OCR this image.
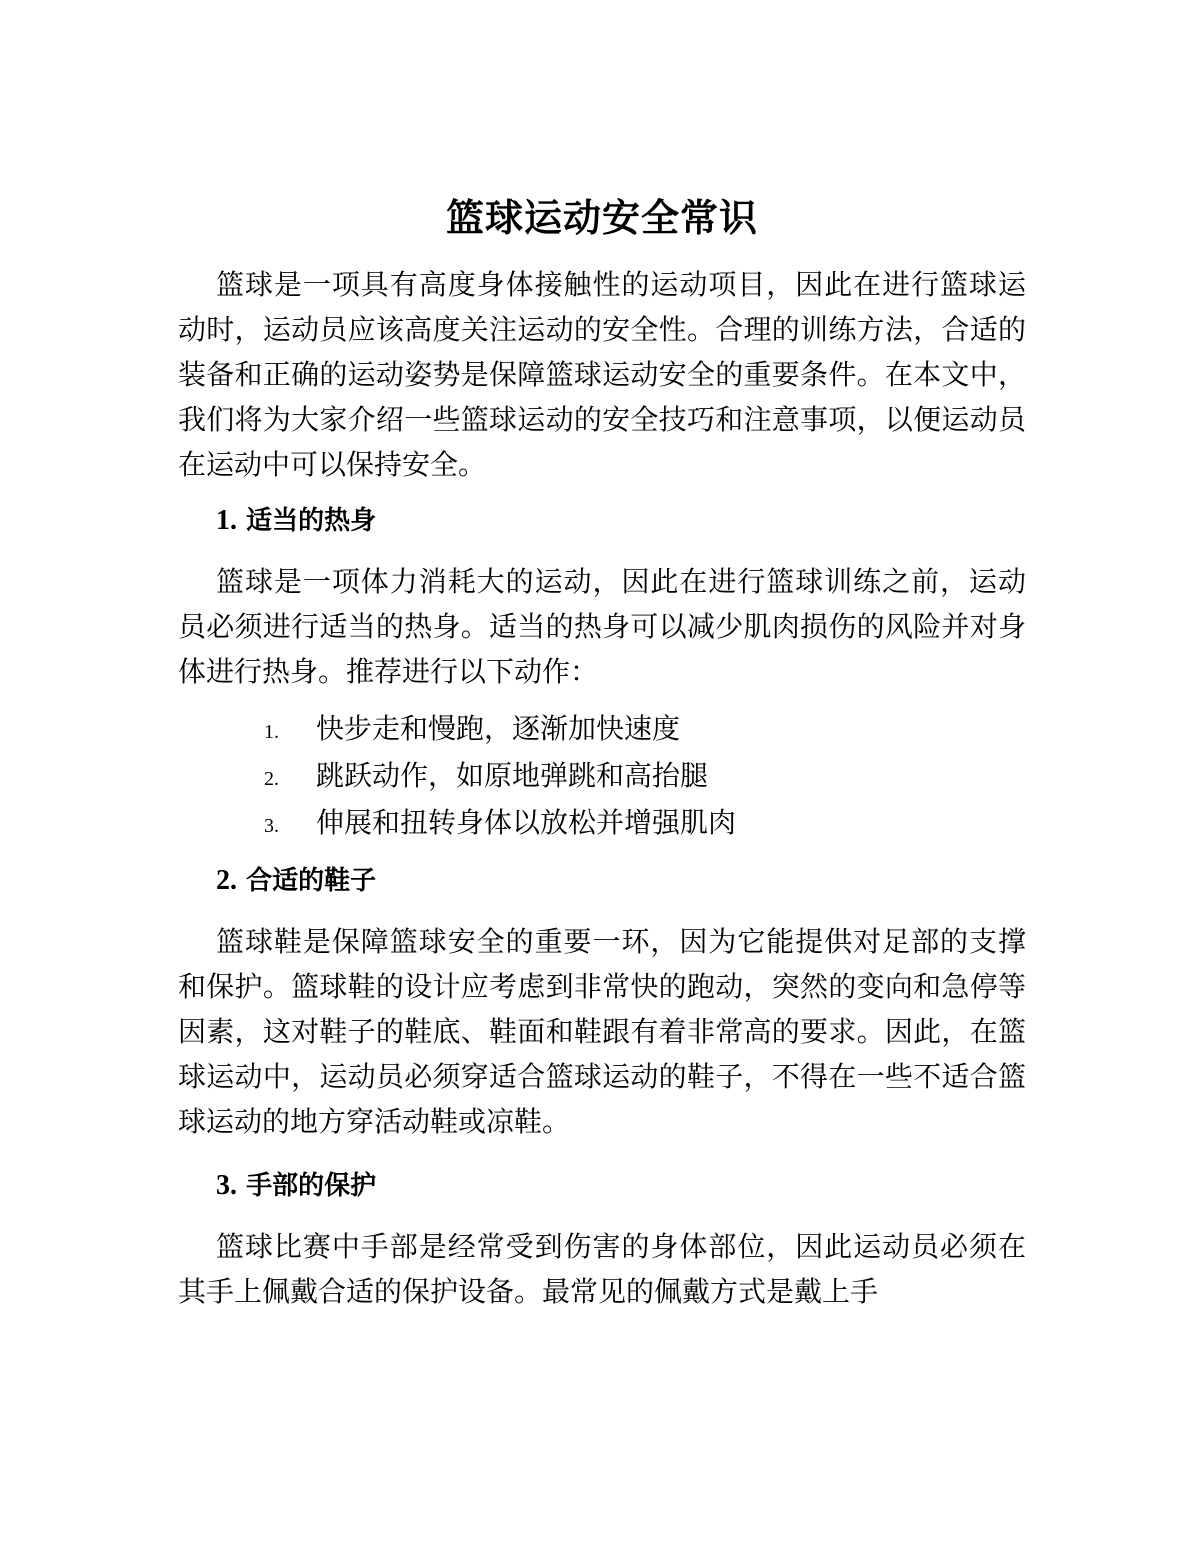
篮球运动安全常识

篮球是一项具有高度身体接触性的运动项目，因此在进行篮球运动时，运动员应该高度关注运动的安全性。合理的训练方法，合适的装备和正确的运动姿势是保障篮球运动安全的重要条件。在本文中，我们将为大家介绍一些篮球运动的安全技巧和注意事项，以便运动员在运动中可以保持安全。

1. 适当的热身

篮球是一项体力消耗大的运动，因此在进行篮球训练之前，运动员必须进行适当的热身。适当的热身可以减少肌肉损伤的风险并对身体进行热身。推荐进行以下动作：

1.	快步走和慢跑，逐渐加快速度
2.	跳跃动作，如原地弹跳和高抬腿
3.	伸展和扭转身体以放松并增强肌肉
2. 合适的鞋子

篮球鞋是保障篮球安全的重要一环，因为它能提供对足部的支撑和保护。篮球鞋的设计应考虑到非常快的跑动，突然的变向和急停等因素，这对鞋子的鞋底、鞋面和鞋跟有着非常高的要求。因此，在篮球运动中，运动员必须穿适合篮球运动的鞋子，不得在一些不适合篮球运动的地方穿活动鞋或凉鞋。

3. 手部的保护

篮球比赛中手部是经常受到伤害的身体部位，因此运动员必须在其手上佩戴合适的保护设备。最常见的佩戴方式是戴上手
